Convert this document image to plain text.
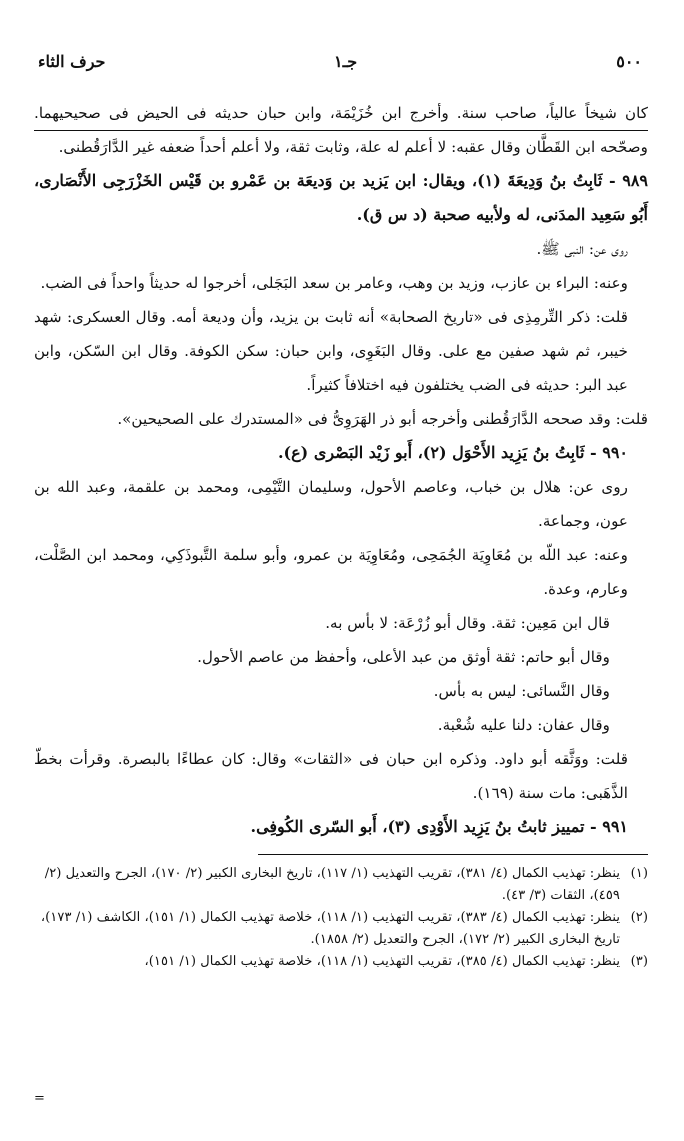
٥٠٠
جـ١
حرف الثاء

كان شيخاً عالياً، صاحب سنة. وأخرج ابن خُزَيْمَة، وابن حبان حديثه فى الحيض فى صحيحيهما. وصحّحه ابن القَطَّان وقال عقبه: لا أعلم له علة، وثابت ثقة، ولا أعلم أحداً ضعفه غير الدَّارَقُطنى.

٩٨٩ - ثَابِتُ بنُ وَدِيعَةَ (١)، ويقال: ابن يَزيد بن وَديعَة بن عَمْرو بن قَيْس الخَزْرَجِى الأَنْصَارى، أَبُو سَعِيد المدَنى، له ولأبيه صحبة (د س ق).

روى عن: النبى ﷺ.

وعنه: البراء بن عازب، وزيد بن وهب، وعامر بن سعد البَجَلى، أخرجوا له حديثاً واحداً فى الضب.

قلت: ذكر التِّرمِذِى فى «تاريخ الصحابة» أنه ثابت بن يزيد، وأن وديعة أمه. وقال العسكرى: شهد خيبر، ثم شهد صفين مع على. وقال البَغَوِى، وابن حبان: سكن الكوفة. وقال ابن السّكن، وابن عبد البر: حديثه فى الضب يختلفون فيه اختلافاً كثيراً.

قلت: وقد صححه الدَّارَقُطنى وأخرجه أبو ذر الهَرَوِىُّ فى «المستدرك على الصحيحين».

٩٩٠ - ثَابِتُ بنُ يَزِيد الأَحْوَل (٢)، أَبو زَيْد البَصْرى (ع).

روى عن: هلال بن خباب، وعاصم الأحول، وسليمان التَّيْمِى، ومحمد بن علقمة، وعبد الله بن عون، وجماعة.

وعنه: عبد اللّه بن مُعَاوِيَة الجُمَحِى، ومُعَاوِيَة بن عمرو، وأبو سلمة التَّبوذَكِي، ومحمد ابن الصَّلْت، وعارم، وعدة.

قال ابن مَعِين: ثقة. وقال أبو زُرْعَة: لا بأس به.

وقال أبو حاتم: ثقة أوثق من عبد الأعلى، وأحفظ من عاصم الأحول.

وقال النَّسائى: ليس به بأس.

وقال عفان: دلنا عليه شُعْبة.

قلت: ووَثَّقه أبو داود. وذكره ابن حبان فى «الثقات» وقال: كان عطاءًا بالبصرة. وقرأت بخطّ الذَّهَبى: مات سنة (١٦٩).

٩٩١ - تمييز ثابتُ بنُ يَزِيد الأَوْدِى (٣)، أَبو السّرى الكُوفِى.

(١)
ينظر: تهذيب الكمال (٤/ ٣٨١)، تقريب التهذيب (١/ ١١٧)، تاريخ البخارى الكبير (٢/ ١٧٠)، الجرح والتعديل (٢/ ٤٥٩)، الثقات (٣/ ٤٣).
(٢)
ينظر: تهذيب الكمال (٤/ ٣٨٣)، تقريب التهذيب (١/ ١١٨)، خلاصة تهذيب الكمال (١/ ١٥١)، الكاشف (١/ ١٧٣)، تاريخ البخارى الكبير (٢/ ١٧٢)، الجرح والتعديل (٢/ ١٨٥٨).
(٣)
ينظر: تهذيب الكمال (٤/ ٣٨٥)، تقريب التهذيب (١/ ١١٨)، خلاصة تهذيب الكمال (١/ ١٥١)،
=
